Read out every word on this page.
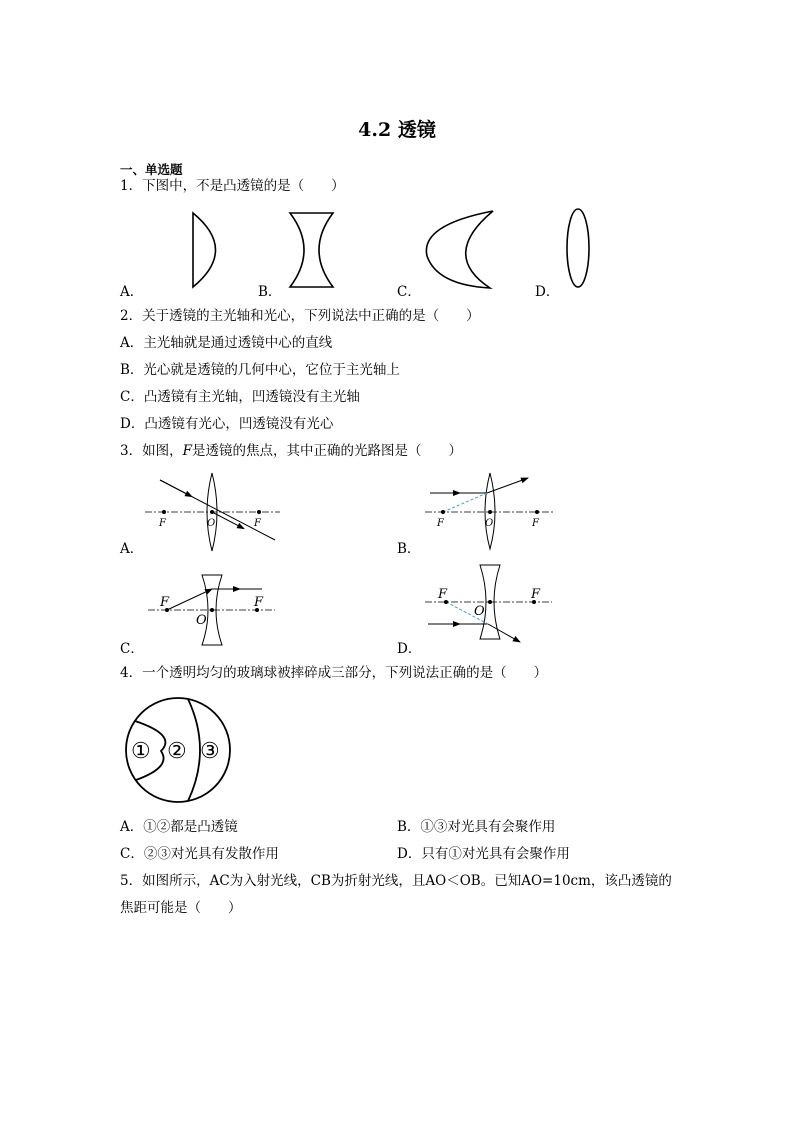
4.2 透镜
一、单选题
1．下图中，不是凸透镜的是（　　）
A．	B．	C．	D．
2．关于透镜的主光轴和光心，下列说法中正确的是（　　）
A．主光轴就是通过透镜中心的直线
B．光心就是透镜的几何中心，它位于主光轴上
C．凸透镜有主光轴，凹透镜没有主光轴
D．凸透镜有光心，凹透镜没有光心
3．如图，F是透镜的焦点，其中正确的光路图是（　　）
F	O	F	F	O	F
F
O
F
F
O
F
A．	B．
C．	D．
4．一个透明均匀的玻璃球被摔碎成三部分，下列说法正确的是（　　）
① ② ③
A．①②都是凸透镜	B．①③对光具有会聚作用
C．②③对光具有发散作用	D．只有①对光具有会聚作用
5．如图所示，AC为入射光线，CB为折射光线，且AO＜OB。已知AO=10cm，该凸透镜的
焦距可能是（　　）
